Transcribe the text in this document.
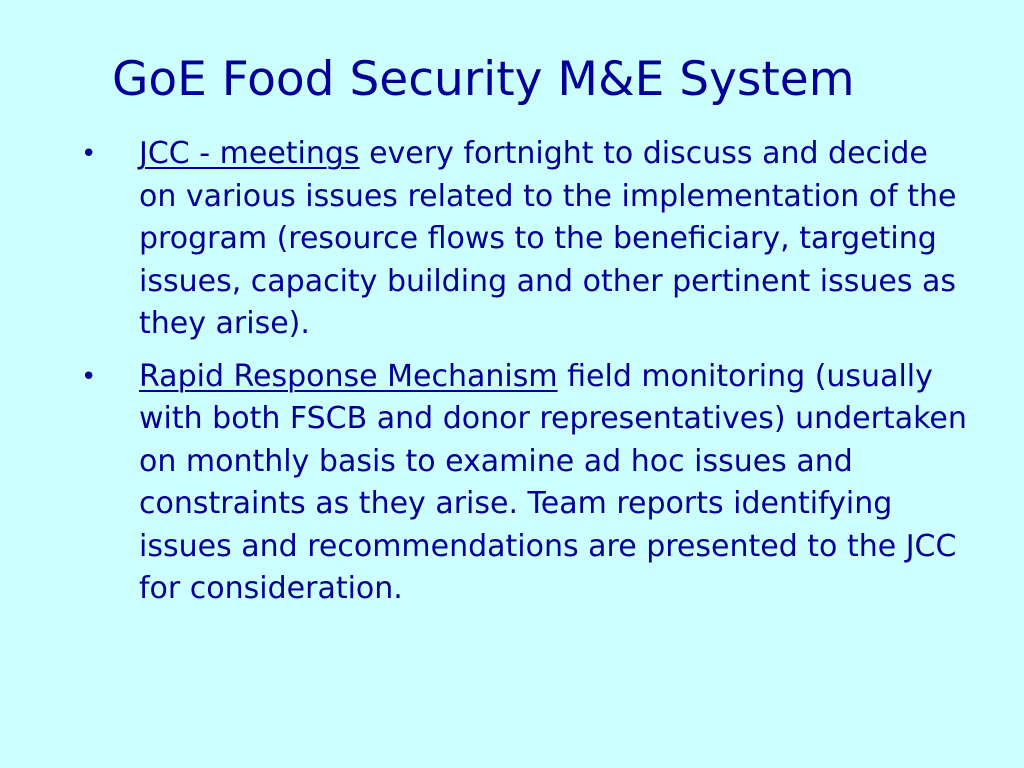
GoE Food Security M&E System
• JCC - meetings every fortnight to discuss and decide on various issues related to the implementation of the program (resource flows to the beneficiary, targeting issues, capacity building and other pertinent issues as they arise).
• Rapid Response Mechanism field monitoring (usually with both FSCB and donor representatives) undertaken on monthly basis to examine ad hoc issues and constraints as they arise. Team reports identifying issues and recommendations are presented to the JCC for consideration.
